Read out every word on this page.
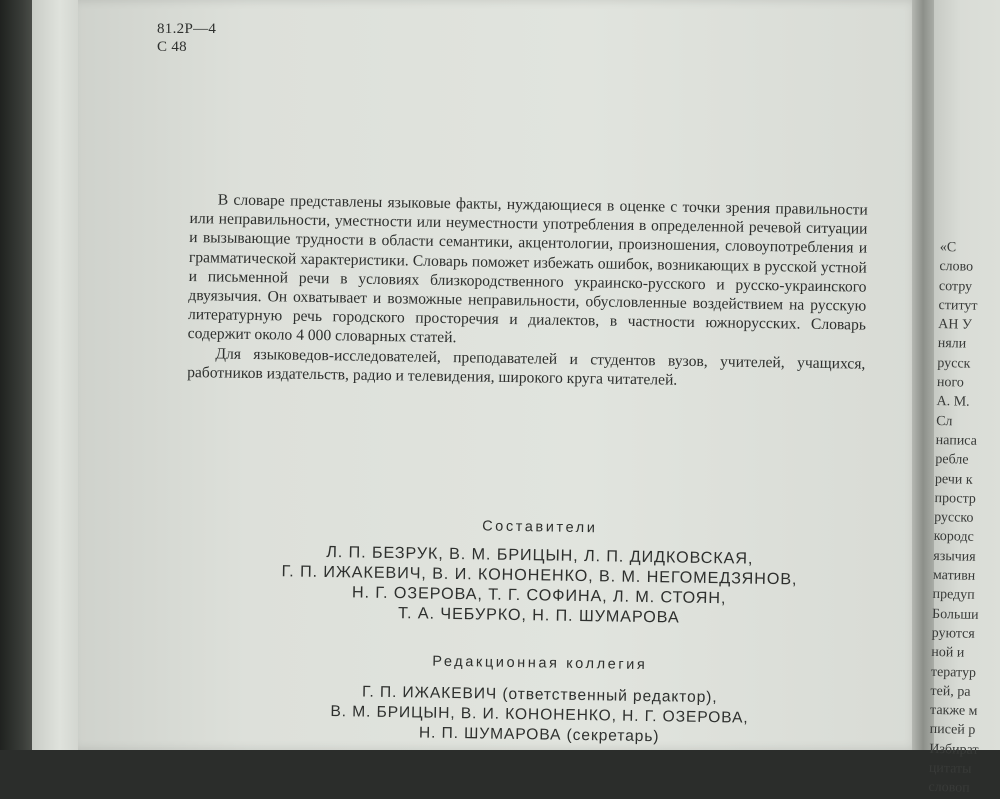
81.2Р—4
С 48

В словаре представлены языковые факты, нуждающиеся в оценке с точки зрения правильности или неправильности, уместности или неуместности употребления в определенной речевой ситуации и вызывающие трудности в области семантики, акцентологии, произношения, словоупотребления и грамматической характеристики. Словарь поможет избежать ошибок, возникающих в русской устной и письменной речи в условиях близкородственного украинско-русского и русско-украинского двуязычия. Он охватывает и возможные неправильности, обусловленные воздействием на русскую литературную речь городского просторечия и диалектов, в частности южнорусских. Словарь содержит около 4 000 словарных статей.

Для языковедов-исследователей, преподавателей и студентов вузов, учителей, учащихся, работников издательств, радио и телевидения, широкого круга читателей.

Составители
Л. П. БЕЗРУК, В. М. БРИЦЫН, Л. П. ДИДКОВСКАЯ,
Г. П. ИЖАКЕВИЧ, В. И. КОНОНЕНКО, В. М. НЕГОМЕДЗЯНОВ,
Н. Г. ОЗЕРОВА, Т. Г. СОФИНА, Л. М. СТОЯН,
Т. А. ЧЕБУРКО, Н. П. ШУМАРОВА
Редакционная коллегия
Г. П. ИЖАКЕВИЧ (ответственный редактор),
В. М. БРИЦЫН, В. И. КОНОНЕНКО, Н. Г. ОЗЕРОВА,
Н. П. ШУМАРОВА (секретарь)
«С
слово
сотру
ститут
АН У
няли
русск
ного
А. М.
Сл
написа
ребле
речи к
простр
русско
кородс
язычия
мативн
предуп
Больши
руются
ной и
тератур
тей, ра
также м
писей р
Избират
цитаты
словоп
